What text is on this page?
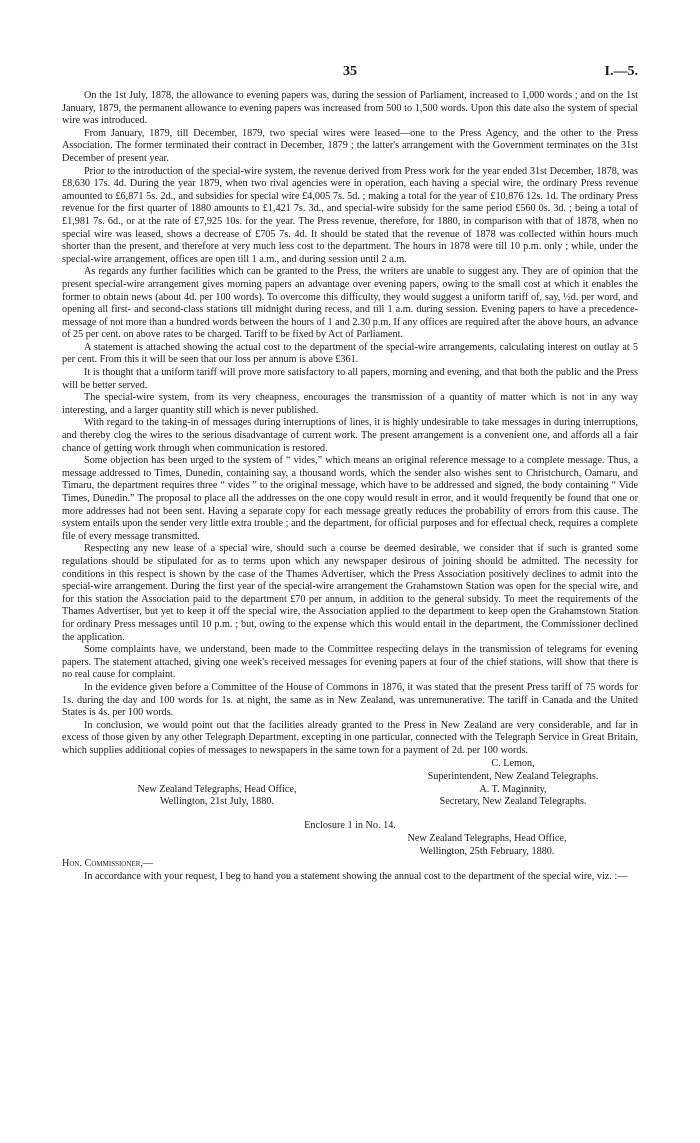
35	I.—5.

On the 1st July, 1878, the allowance to evening papers was, during the session of Parliament, increased to 1,000 words ; and on the 1st January, 1879, the permanent allowance to evening papers was increased from 500 to 1,500 words. Upon this date also the system of special wire was introduced.

From January, 1879, till December, 1879, two special wires were leased—one to the Press Agency, and the other to the Press Association. The former terminated their contract in December, 1879 ; the latter's arrangement with the Government terminates on the 31st December of present year.

Prior to the introduction of the special-wire system, the revenue derived from Press work for the year ended 31st December, 1878, was £8,630 17s. 4d. During the year 1879, when two rival agencies were in operation, each having a special wire, the ordinary Press revenue amounted to £6,871 5s. 2d., and subsidies for special wire £4,005 7s. 5d. ; making a total for the year of £10,876 12s. 1d. The ordinary Press revenue for the first quarter of 1880 amounts to £1,421 7s. 3d., and special-wire subsidy for the same period £560 0s. 3d. ; being a total of £1,981 7s. 6d., or at the rate of £7,925 10s. for the year. The Press revenue, therefore, for 1880, in comparison with that of 1878, when no special wire was leased, shows a decrease of £705 7s. 4d. It should be stated that the revenue of 1878 was collected within hours much shorter than the present, and therefore at very much less cost to the department. The hours in 1878 were till 10 p.m. only ; while, under the special-wire arrangement, offices are open till 1 a.m., and during session until 2 a.m.

As regards any further facilities which can be granted to the Press, the writers are unable to suggest any. They are of opinion that the present special-wire arrangement gives morning papers an advantage over evening papers, owing to the small cost at which it enables the former to obtain news (about 4d. per 100 words). To overcome this difficulty, they would suggest a uniform tariff of, say, ½d. per word, and opening all first- and second-class stations till midnight during recess, and till 1 a.m. during session. Evening papers to have a precedence-message of not more than a hundred words between the hours of 1 and 2.30 p.m. If any offices are required after the above hours, an advance of 25 per cent. on above rates to be charged. Tariff to be fixed by Act of Parliament.

A statement is attached showing the actual cost to the department of the special-wire arrangements, calculating interest on outlay at 5 per cent. From this it will be seen that our loss per annum is above £361.

It is thought that a uniform tariff will prove more satisfactory to all papers, morning and evening, and that both the public and the Press will be better served.

The special-wire system, from its very cheapness, encourages the transmission of a quantity of matter which is not in any way interesting, and a larger quantity still which is never published.

With regard to the taking-in of messages during interruptions of lines, it is highly undesirable to take messages in during interruptions, and thereby clog the wires to the serious disadvantage of current work. The present arrangement is a convenient one, and affords all a fair chance of getting work through when communication is restored.

Some objection has been urged to the system of “ vides,” which means an original reference message to a complete message. Thus, a message addressed to Times, Dunedin, containing say, a thousand words, which the sender also wishes sent to Christchurch, Oamaru, and Timaru, the department requires three “ vides ” to the original message, which have to be addressed and signed, the body containing “ Vide Times, Dunedin.” The proposal to place all the addresses on the one copy would result in error, and it would frequently be found that one or more addresses had not been sent. Having a separate copy for each message greatly reduces the probability of errors from this cause. The system entails upon the sender very little extra trouble ; and the department, for official purposes and for effectual check, requires a complete file of every message transmitted.

Respecting any new lease of a special wire, should such a course be deemed desirable, we consider that if such is granted some regulations should be stipulated for as to terms upon which any newspaper desirous of joining should be admitted. The necessity for conditions in this respect is shown by the case of the Thames Advertiser, which the Press Association positively declines to admit into the special-wire arrangement. During the first year of the special-wire arrangement the Grahamstown Station was open for the special wire, and for this station the Association paid to the department £70 per annum, in addition to the general subsidy. To meet the requirements of the Thames Advertiser, but yet to keep it off the special wire, the Association applied to the department to keep open the Grahamstown Station for ordinary Press messages until 10 p.m. ; but, owing to the expense which this would entail in the department, the Commissioner declined the application.

Some complaints have, we understand, been made to the Committee respecting delays in the transmission of telegrams for evening papers. The statement attached, giving one week's received messages for evening papers at four of the chief stations, will show that there is no real cause for complaint.

In the evidence given before a Committee of the House of Commons in 1876, it was stated that the present Press tariff of 75 words for 1s. during the day and 100 words for 1s. at night, the same as in New Zealand, was unremunerative. The tariff in Canada and the United States is 4s. per 100 words.

In conclusion, we would point out that the facilities already granted to the Press in New Zealand are very considerable, and far in excess of those given by any other Telegraph Department, excepting in one particular, connected with the Telegraph Service in Great Britain, which supplies additional copies of messages to newspapers in the same town for a payment of 2d. per 100 words.

C. Lemon,
Superintendent, New Zealand Telegraphs.
New Zealand Telegraphs, Head Office,	A. T. Maginnity,
Wellington, 21st July, 1880.	Secretary, New Zealand Telegraphs.
Enclosure 1 in No. 14.
New Zealand Telegraphs, Head Office,
Wellington, 25th February, 1880.
Hon. Commissioner,—

In accordance with your request, I beg to hand you a statement showing the annual cost to the department of the special wire, viz. :—
